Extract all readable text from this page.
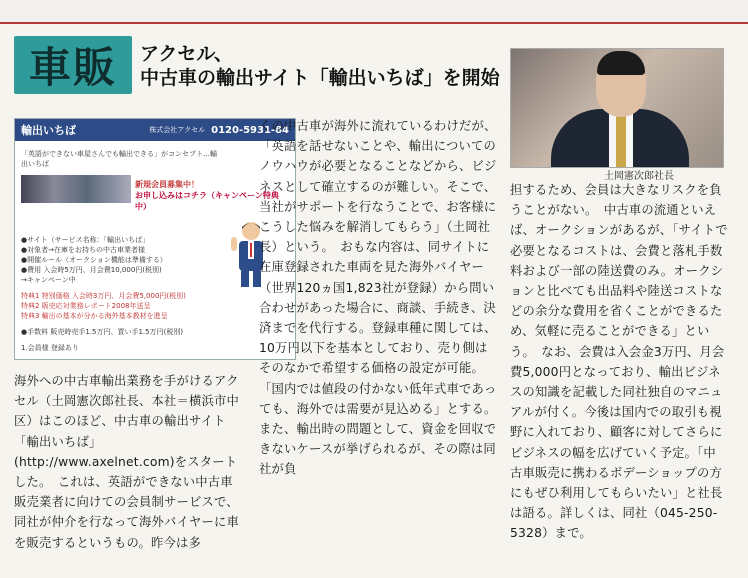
車販	アクセル、
中古車の輸出サイト「輸出いちば」を開始
土岡憲次郎社長
輸出いちば	株式会社アクセル 0120-5931-84
「英語ができない車屋さんでも輸出できる」がコンセプト…輸出いちば
新規会員募集中！
お申し込みはコチラ（キャンペーン特典中）
●サイト（サービス名称：「輸出いちば」
●対象者→在庫をお持ちの中古車業者様
●開催ルール（オークション機能は準備する）
●費用 入会時5万円、月会費10,000円(税別)
→キャンペーン中
特典1 特別価格 入会時3万円、月会費5,000円(税別)
特典2 販売応対業務レポート2008年送呈
特典3 輸出の基本が分かる海外基本教材を進呈
●手数料 販売時売手1.5万円、買い手1.5万円(税別)
1.会員様 登録あり
海外への中古車輸出業務を手がけるアクセル（土岡憲次郎社長、本社＝横浜市中区）はこのほど、中古車の輸出サイト「輸出いちば」(http://www.axelnet.com)をスタートした。　これは、英語ができない中古車販売業者に向けての会員制サービスで、同社が仲介を行なって海外バイヤーに車を販売するというもの。昨今は多
くの中古車が海外に流れているわけだが、「英語を話せないことや、輸出についてのノウハウが必要となることなどから、ビジネスとして確立するのが難しい。そこで、当社がサポートを行なうことで、お客様にこうした悩みを解消してもらう」（土岡社長）という。　おもな内容は、同サイトに在庫登録された車両を見た海外バイヤー（世界120ヵ国1,823社が登録）から問い合わせがあった場合に、商談、手続き、決済までを代行する。登録車種に関しては、10万円以下を基本としており、売り側はそのなかで希望する価格の設定が可能。「国内では値段の付かない低年式車であっても、海外では需要が見込める」とする。また、輸出時の問題として、資金を回収できないケースが挙げられるが、その際は同社が負
担するため、会員は大きなリスクを負うことがない。　中古車の流通といえば、オークションがあるが、「サイトで必要となるコストは、会費と落札手数料および一部の陸送費のみ。オークションと比べても出品料や陸送コストなどの余分な費用を省くことができるため、気軽に売ることができる」という。　なお、会費は入会金3万円、月会費5,000円となっており、輸出ビジネスの知識を記載した同社独自のマニュアルが付く。今後は国内での取引も視野に入れており、顧客に対してさらにビジネスの幅を広げていく予定。「中古車販売に携わるボデーショップの方にもぜひ利用してもらいたい」と社長は語る。詳しくは、同社（045-250-5328）まで。
